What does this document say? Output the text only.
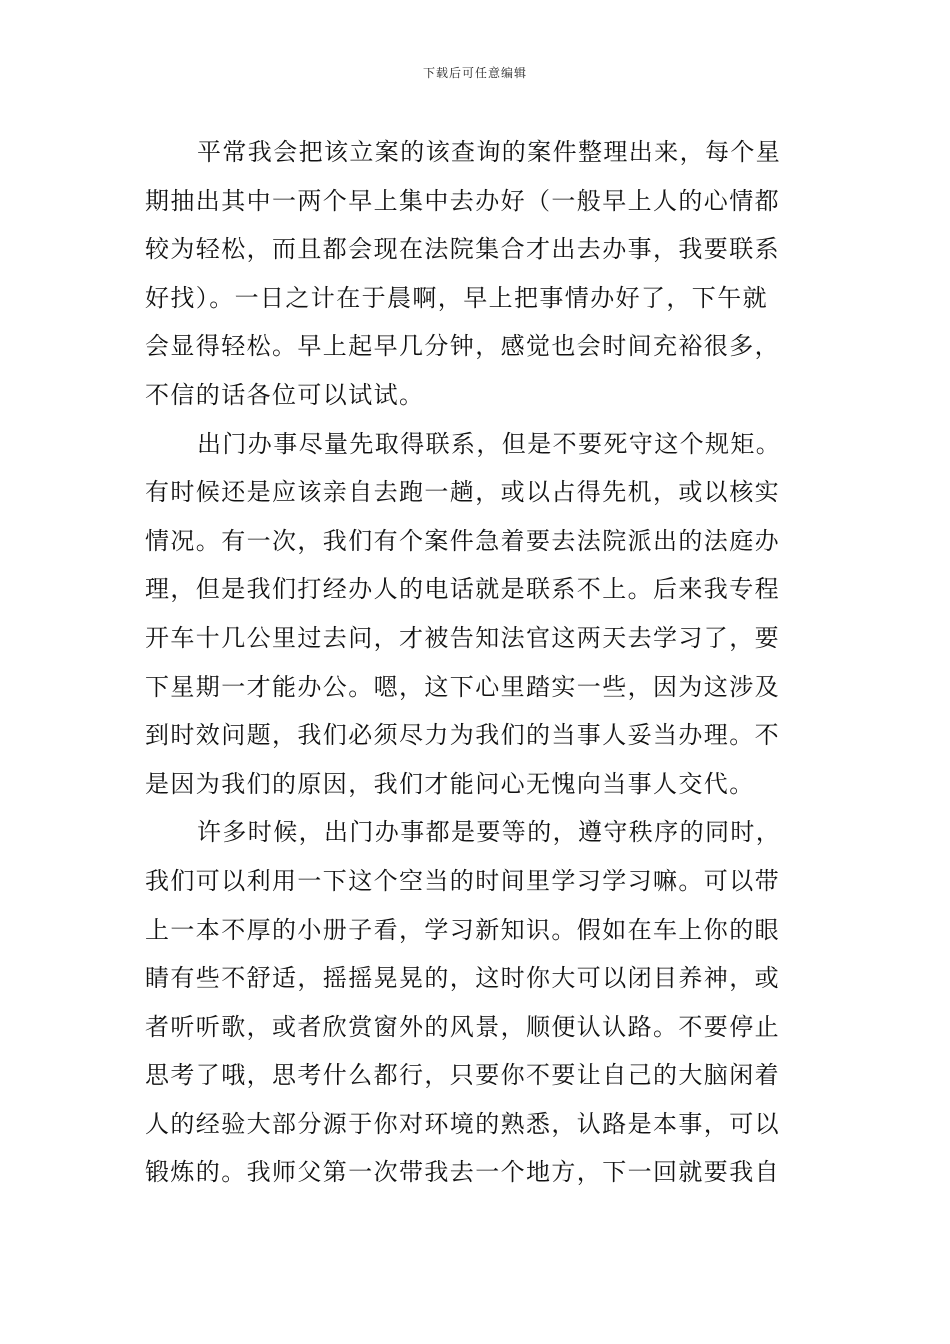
下载后可任意编辑
平常我会把该立案的该查询的案件整理出来，每个星
期抽出其中一两个早上集中去办好（一般早上人的心情都
较为轻松，而且都会现在法院集合才出去办事，我要联系
好找）。一日之计在于晨啊，早上把事情办好了，下午就
会显得轻松。早上起早几分钟，感觉也会时间充裕很多，
不信的话各位可以试试。
出门办事尽量先取得联系，但是不要死守这个规矩。
有时候还是应该亲自去跑一趟，或以占得先机，或以核实
情况。有一次，我们有个案件急着要去法院派出的法庭办
理，但是我们打经办人的电话就是联系不上。后来我专程
开车十几公里过去问，才被告知法官这两天去学习了，要
下星期一才能办公。嗯，这下心里踏实一些，因为这涉及
到时效问题，我们必须尽力为我们的当事人妥当办理。不
是因为我们的原因，我们才能问心无愧向当事人交代。
许多时候，出门办事都是要等的，遵守秩序的同时，
我们可以利用一下这个空当的时间里学习学习嘛。可以带
上一本不厚的小册子看，学习新知识。假如在车上你的眼
睛有些不舒适，摇摇晃晃的，这时你大可以闭目养神，或
者听听歌，或者欣赏窗外的风景，顺便认认路。不要停止
思考了哦，思考什么都行，只要你不要让自己的大脑闲着
人的经验大部分源于你对环境的熟悉，认路是本事，可以
锻炼的。我师父第一次带我去一个地方，下一回就要我自
